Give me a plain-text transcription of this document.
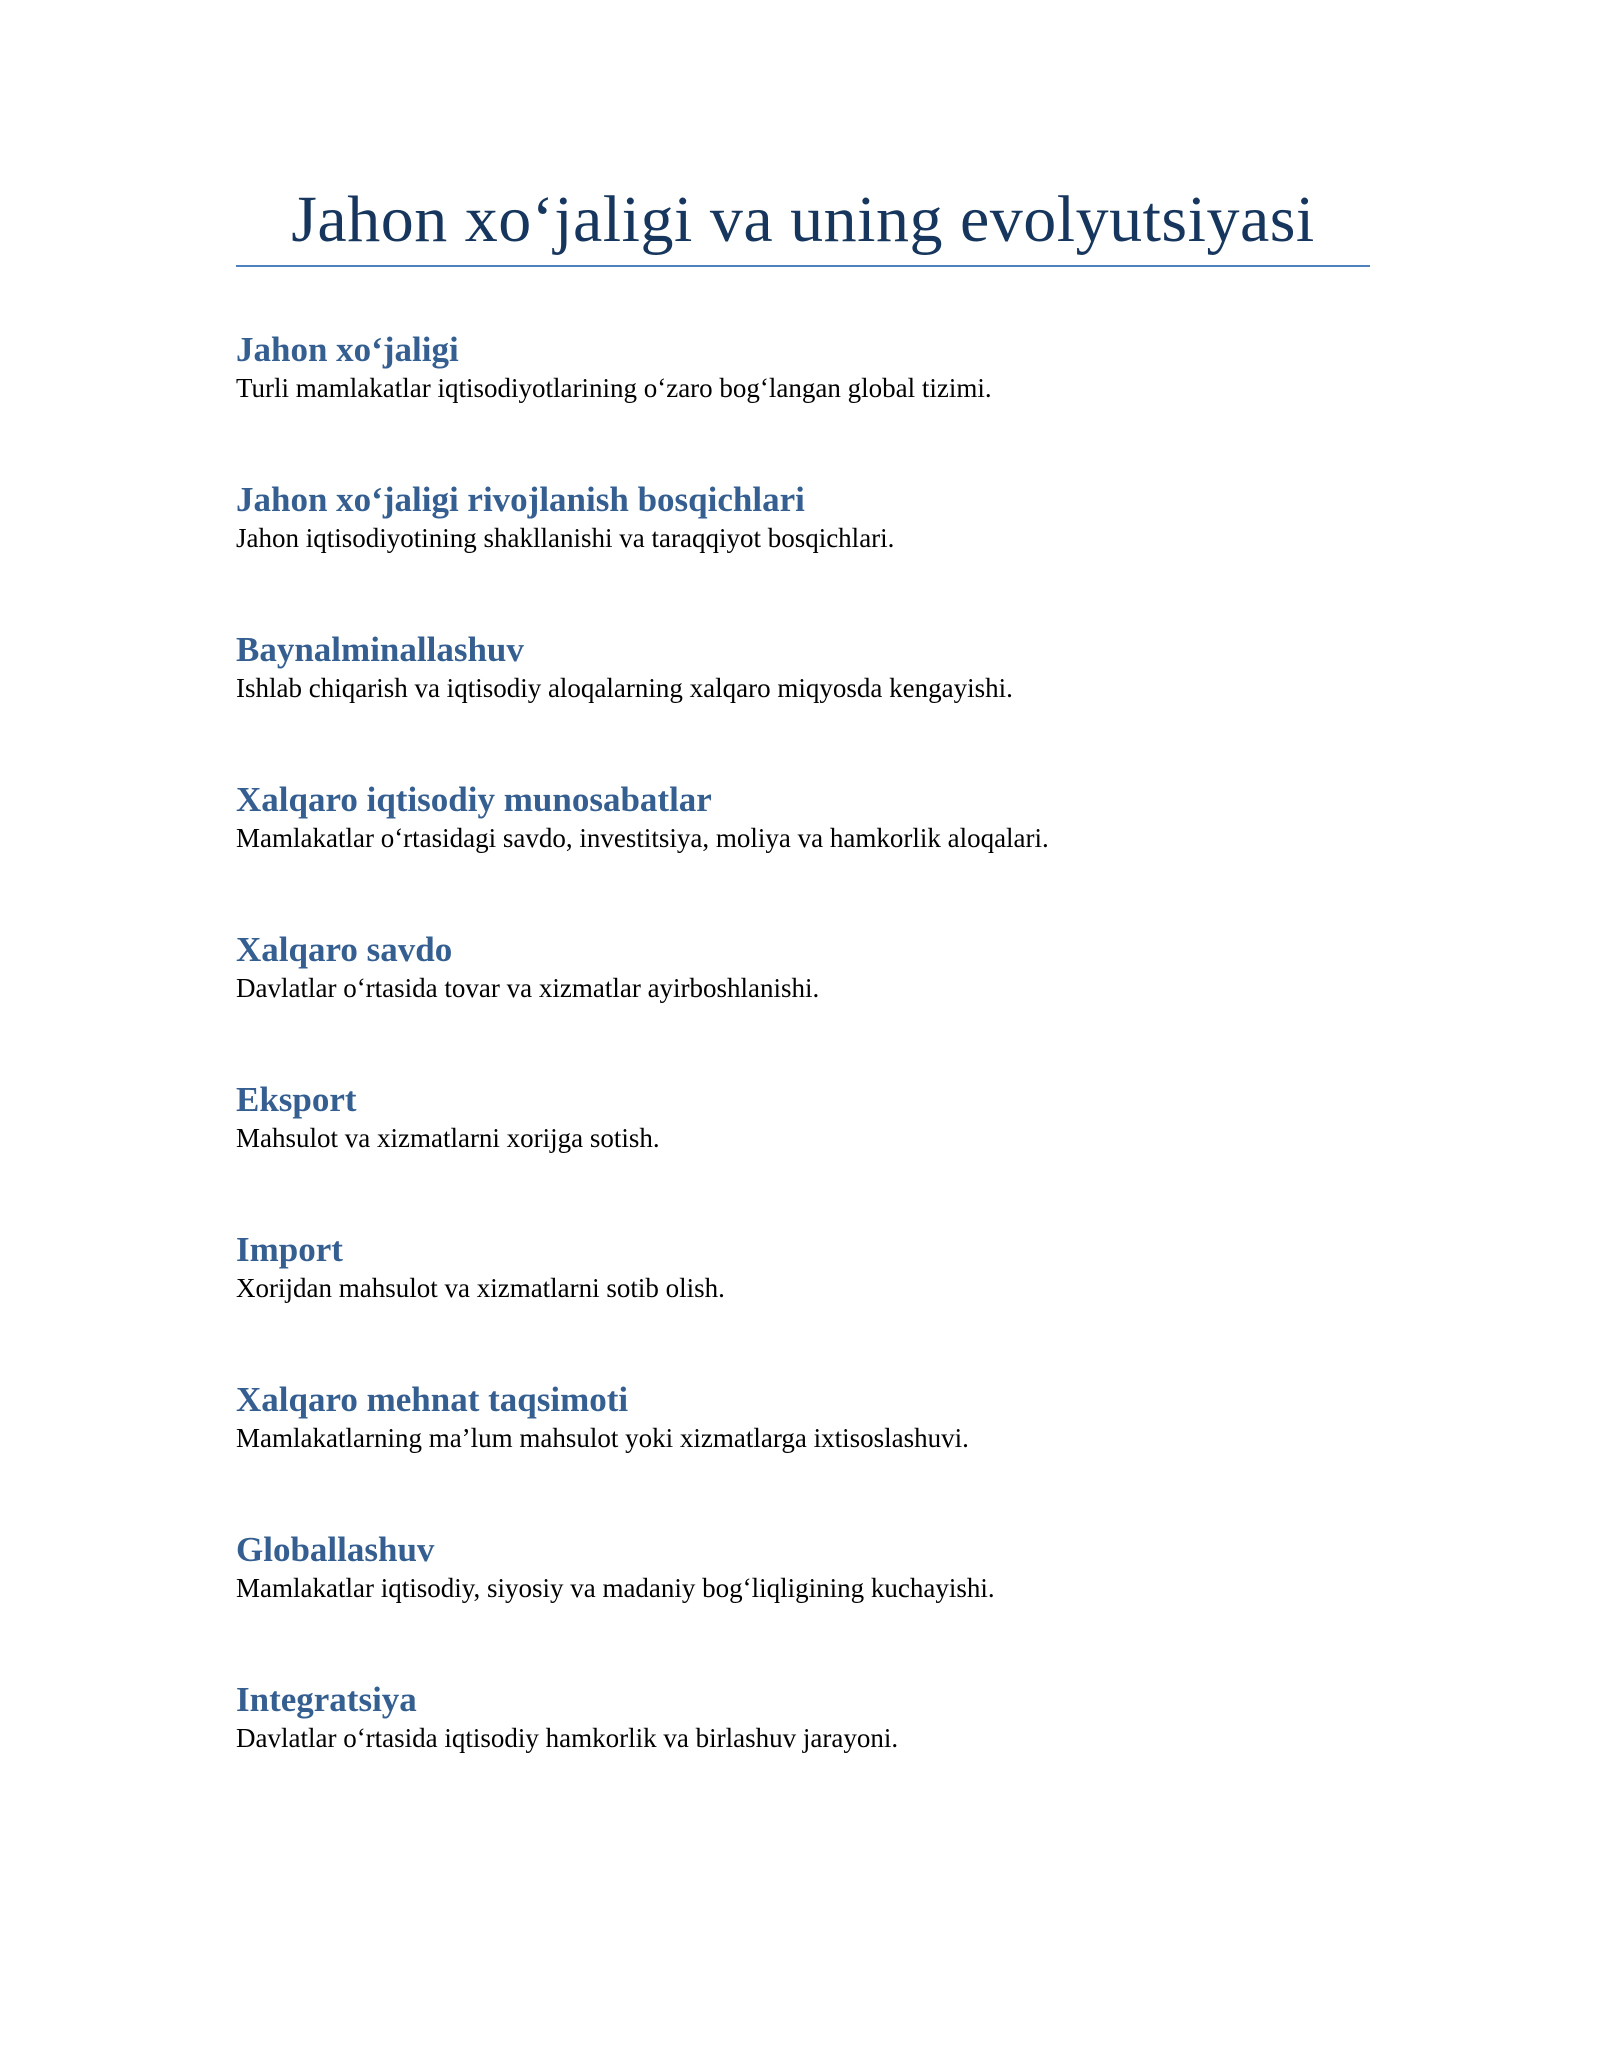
Jahon xo‘jaligi va uning evolyutsiyasi
Jahon xo‘jaligi

Turli mamlakatlar iqtisodiyotlarining o‘zaro bog‘langan global tizimi.

Jahon xo‘jaligi rivojlanish bosqichlari

Jahon iqtisodiyotining shakllanishi va taraqqiyot bosqichlari.

Baynalminallashuv

Ishlab chiqarish va iqtisodiy aloqalarning xalqaro miqyosda kengayishi.

Xalqaro iqtisodiy munosabatlar

Mamlakatlar o‘rtasidagi savdo, investitsiya, moliya va hamkorlik aloqalari.

Xalqaro savdo

Davlatlar o‘rtasida tovar va xizmatlar ayirboshlanishi.

Eksport

Mahsulot va xizmatlarni xorijga sotish.

Import

Xorijdan mahsulot va xizmatlarni sotib olish.

Xalqaro mehnat taqsimoti

Mamlakatlarning ma’lum mahsulot yoki xizmatlarga ixtisoslashuvi.

Globallashuv

Mamlakatlar iqtisodiy, siyosiy va madaniy bog‘liqligining kuchayishi.

Integratsiya

Davlatlar o‘rtasida iqtisodiy hamkorlik va birlashuv jarayoni.
